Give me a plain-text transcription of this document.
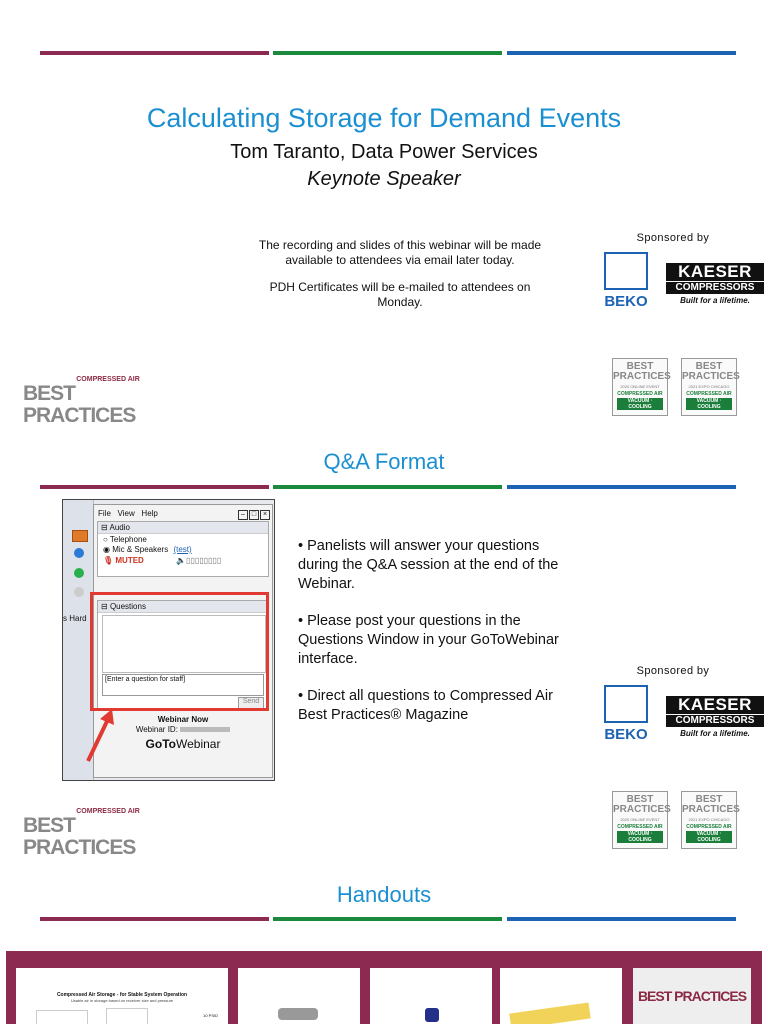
Calculating Storage for Demand Events
Tom Taranto, Data Power Services
Keynote Speaker
The recording and slides of this webinar will be made available to attendees via email later today.
PDH Certificates will be e-mailed to attendees on Monday.
Sponsored by
BEKO
KAESER
COMPRESSORS
Built for a lifetime.
COMPRESSED AIR
BEST PRACTICES
BEST PRACTICES
2020 ONLINE EVENT
COMPRESSED AIR
VACUUM · COOLING
BEST PRACTICES
2021 EXPO CHICAGO
COMPRESSED AIR
VACUUM · COOLING
Q&A Format
s Hard
File   View   Help	– □ ×
⊟ Audio
○ Telephone
◉ Mic & Speakers (test)
🎙 MUTED	🔈▯▯▯▯▯▯▯▯
⊟ Questions
[Enter a question for staff]
Send
Webinar Now
Webinar ID:
GoToWebinar

• Panelists will answer your questions during the Q&A session at the end of the Webinar.

• Please post your questions in the Questions Window in your GoToWebinar interface.

• Direct all questions to Compressed Air Best Practices® Magazine

Sponsored by
BEKO
KAESER
COMPRESSORS
Built for a lifetime.
COMPRESSED AIR
BEST PRACTICES
BEST PRACTICES
2020 ONLINE EVENT
COMPRESSED AIR
VACUUM · COOLING
BEST PRACTICES
2021 EXPO CHICAGO
COMPRESSED AIR
VACUUM · COOLING
Handouts
Compressed Air Storage - for Stable System Operation
Usable air in storage based on receiver size and pressure
10 PSID
BEST PRACTICES
